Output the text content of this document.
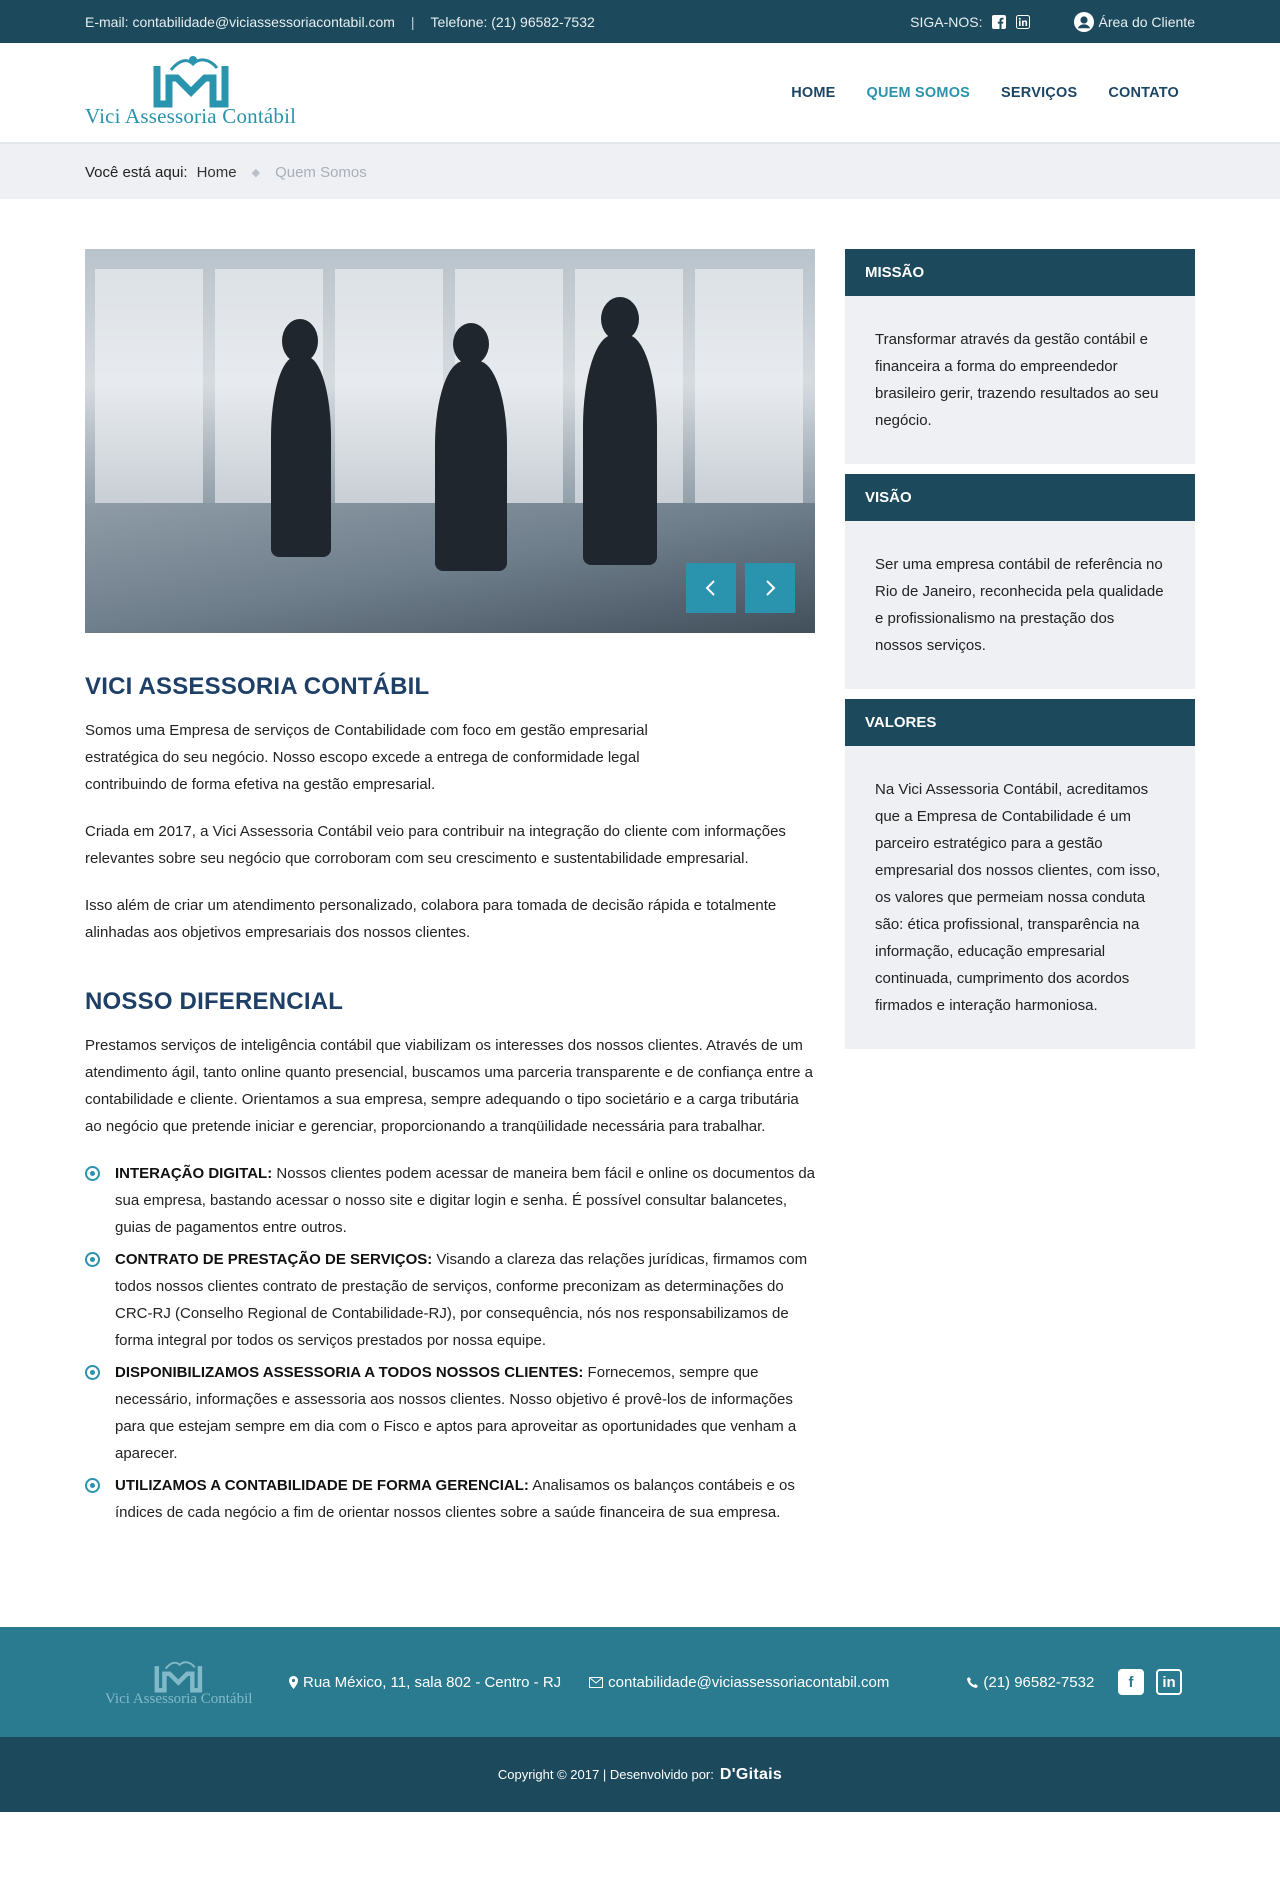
E-mail: contabilidade@viciassessoriacontabil.com | Telefone: (21) 96582-7532	SIGA-NOS:	Área do Cliente
Vici Assessoria Contábil
HOME QUEM SOMOS SERVIÇOS CONTATO
Você está aqui: Home ◆ Quem Somos
VICI ASSESSORIA CONTÁBIL

Somos uma Empresa de serviços de Contabilidade com foco em gestão empresarial estratégica do seu negócio. Nosso escopo excede a entrega de conformidade legal contribuindo de forma efetiva na gestão empresarial.

Criada em 2017, a Vici Assessoria Contábil veio para contribuir na integração do cliente com informações relevantes sobre seu negócio que corroboram com seu crescimento e sustentabilidade empresarial.

Isso além de criar um atendimento personalizado, colabora para tomada de decisão rápida e totalmente alinhadas aos objetivos empresariais dos nossos clientes.

NOSSO DIFERENCIAL

Prestamos serviços de inteligência contábil que viabilizam os interesses dos nossos clientes. Através de um atendimento ágil, tanto online quanto presencial, buscamos uma parceria transparente e de confiança entre a contabilidade e cliente. Orientamos a sua empresa, sempre adequando o tipo societário e a carga tributária ao negócio que pretende iniciar e gerenciar, proporcionando a tranqüilidade necessária para trabalhar.

INTERAÇÃO DIGITAL: Nossos clientes podem acessar de maneira bem fácil e online os documentos da sua empresa, bastando acessar o nosso site e digitar login e senha. É possível consultar balancetes, guias de pagamentos entre outros.
CONTRATO DE PRESTAÇÃO DE SERVIÇOS: Visando a clareza das relações jurídicas, firmamos com todos nossos clientes contrato de prestação de serviços, conforme preconizam as determinações do CRC-RJ (Conselho Regional de Contabilidade-RJ), por consequência, nós nos responsabilizamos de forma integral por todos os serviços prestados por nossa equipe.
DISPONIBILIZAMOS ASSESSORIA A TODOS NOSSOS CLIENTES: Fornecemos, sempre que necessário, informações e assessoria aos nossos clientes. Nosso objetivo é provê-los de informações para que estejam sempre em dia com o Fisco e aptos para aproveitar as oportunidades que venham a aparecer.
UTILIZAMOS A CONTABILIDADE DE FORMA GERENCIAL: Analisamos os balanços contábeis e os índices de cada negócio a fim de orientar nossos clientes sobre a saúde financeira de sua empresa.
MISSÃO
Transformar através da gestão contábil e financeira a forma do empreendedor brasileiro gerir, trazendo resultados ao seu negócio.
VISÃO
Ser uma empresa contábil de referência no Rio de Janeiro, reconhecida pela qualidade e profissionalismo na prestação dos nossos serviços.
VALORES
Na Vici Assessoria Contábil, acreditamos que a Empresa de Contabilidade é um parceiro estratégico para a gestão empresarial dos nossos clientes, com isso, os valores que permeiam nossa conduta são: ética profissional, transparência na informação, educação empresarial continuada, cumprimento dos acordos firmados e interação harmoniosa.
Vici Assessoria Contábil
Rua México, 11, sala 802 - Centro - RJ	contabilidade@viciassessoriacontabil.com	(21) 96582-7532	f	in
Copyright © 2017 | Desenvolvido por: D'Gitais
